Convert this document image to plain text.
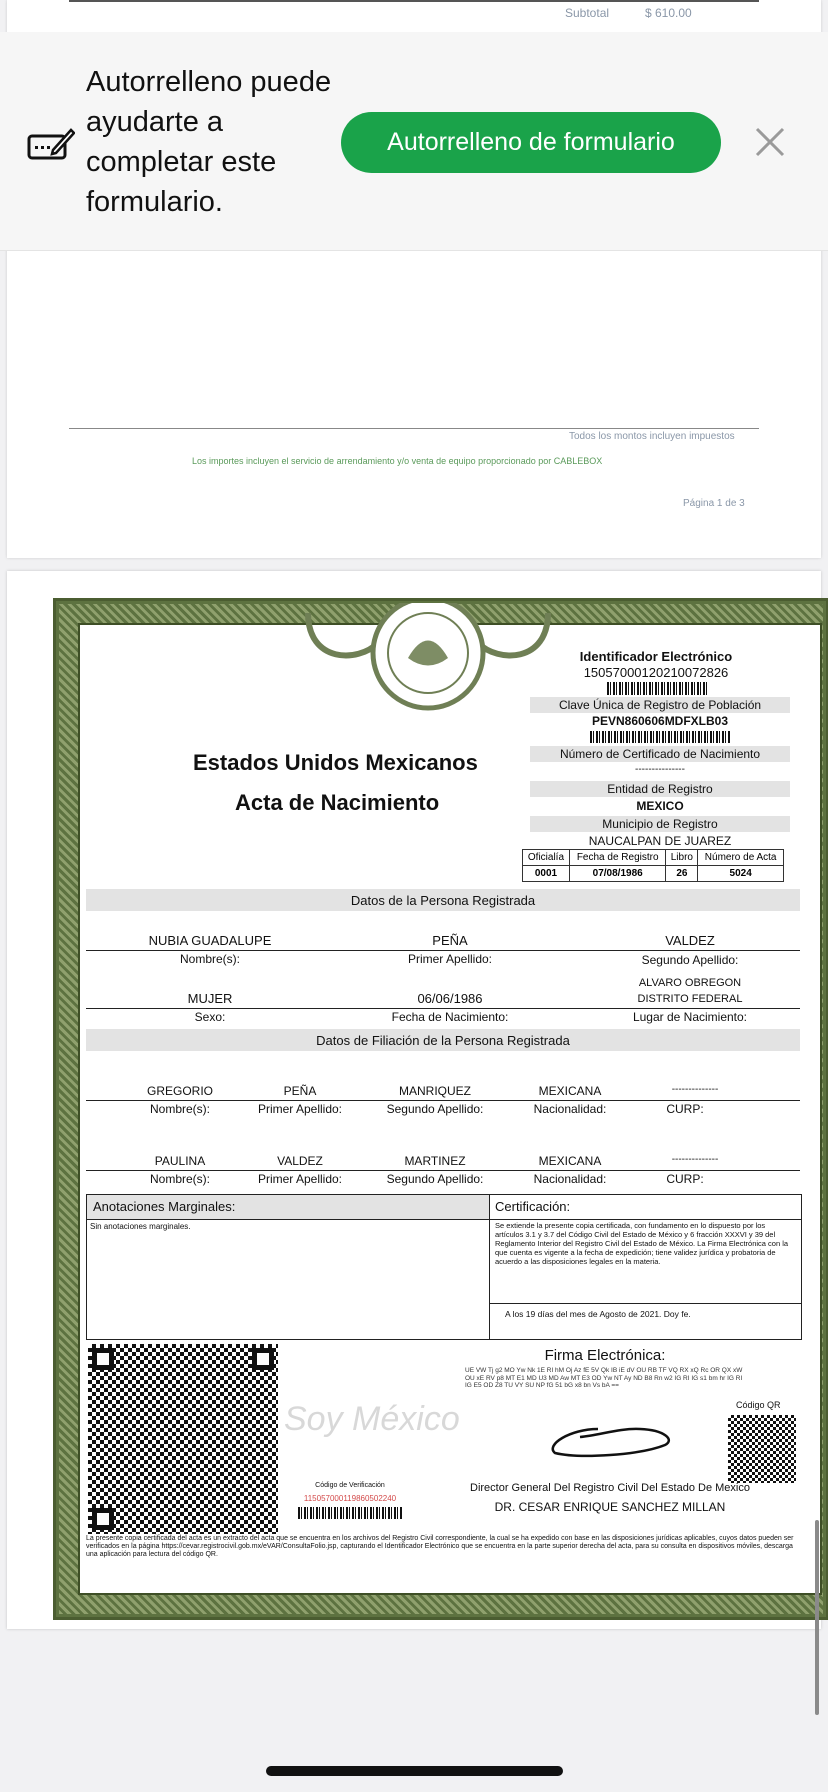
Subtotal	$ 610.00
Todos los montos incluyen impuestos
Los importes incluyen el servicio de arrendamiento y/o venta de equipo proporcionado por CABLEBOX
Página 1 de 3
Autorrelleno puede ayudarte a completar este formulario.
Autorrelleno de formulario
Estados Unidos Mexicanos
Acta de Nacimiento
Identificador Electrónico
15057000120210072826
Clave Única de Registro de Población
PEVN860606MDFXLB03
Número de Certificado de Nacimiento
---------------
Entidad de Registro
MEXICO
Municipio de Registro
NAUCALPAN DE JUAREZ
Oficialía	Fecha de Registro	Libro	Número de Acta
0001	07/08/1986	26	5024
Datos de la Persona Registrada
NUBIA GUADALUPE	PEÑA	VALDEZ
Nombre(s):	Primer Apellido:	Segundo Apellido:
ALVARO OBREGON
MUJER	06/06/1986	DISTRITO FEDERAL
Sexo:	Fecha de Nacimiento:	Lugar de Nacimiento:
Datos de Filiación de la Persona Registrada
GREGORIO	PEÑA	MANRIQUEZ	MEXICANA	--------------
Nombre(s):	Primer Apellido:	Segundo Apellido:	Nacionalidad:	CURP:
PAULINA	VALDEZ	MARTINEZ	MEXICANA	--------------
Nombre(s):	Primer Apellido:	Segundo Apellido:	Nacionalidad:	CURP:
Anotaciones Marginales:	Certificación:
Sin anotaciones marginales.	Se extiende la presente copia certificada, con fundamento en lo dispuesto por los artículos 3.1 y 3.7 del Código Civil del Estado de México y 6 fracción XXXVI y 39 del Reglamento Interior del Registro Civil del Estado de México. La Firma Electrónica con la que cuenta es vigente a la fecha de expedición; tiene validez jurídica y probatoria de acuerdo a las disposiciones legales en la materia.
A los 19 días del mes de Agosto de 2021. Doy fe.
Soy México
Firma Electrónica:
UE VW Tj g2 MO Yw Nk 1E RI hM Oj Az fE 5V Qk IB iE dV OU RB TF VQ RX xQ Rc OR QX xW OU xE RV p8 MT E1 MD U3 MD Aw MT E3 OD Yw NT Ay ND B8 Rn w2 IG RI IG s1 bm hr IG RI IG E5 OD Z8 TU VY SU NP fG 51 bG x8 bn Vs bA ==
Código QR
Código de Verificación
115057000119860502240
Director General Del Registro Civil Del Estado De Mexico
DR. CESAR ENRIQUE SANCHEZ MILLAN
La presente copia certificada del acta es un extracto del acta que se encuentra en los archivos del Registro Civil correspondiente, la cual se ha expedido con base en las disposiciones jurídicas aplicables, cuyos datos pueden ser verificados en la página https://cevar.registrocivil.gob.mx/eVAR/ConsultaFolio.jsp, capturando el Identificador Electrónico que se encuentra en la parte superior derecha del acta, para su consulta en dispositivos móviles, descarga una aplicación para lectura del código QR.
